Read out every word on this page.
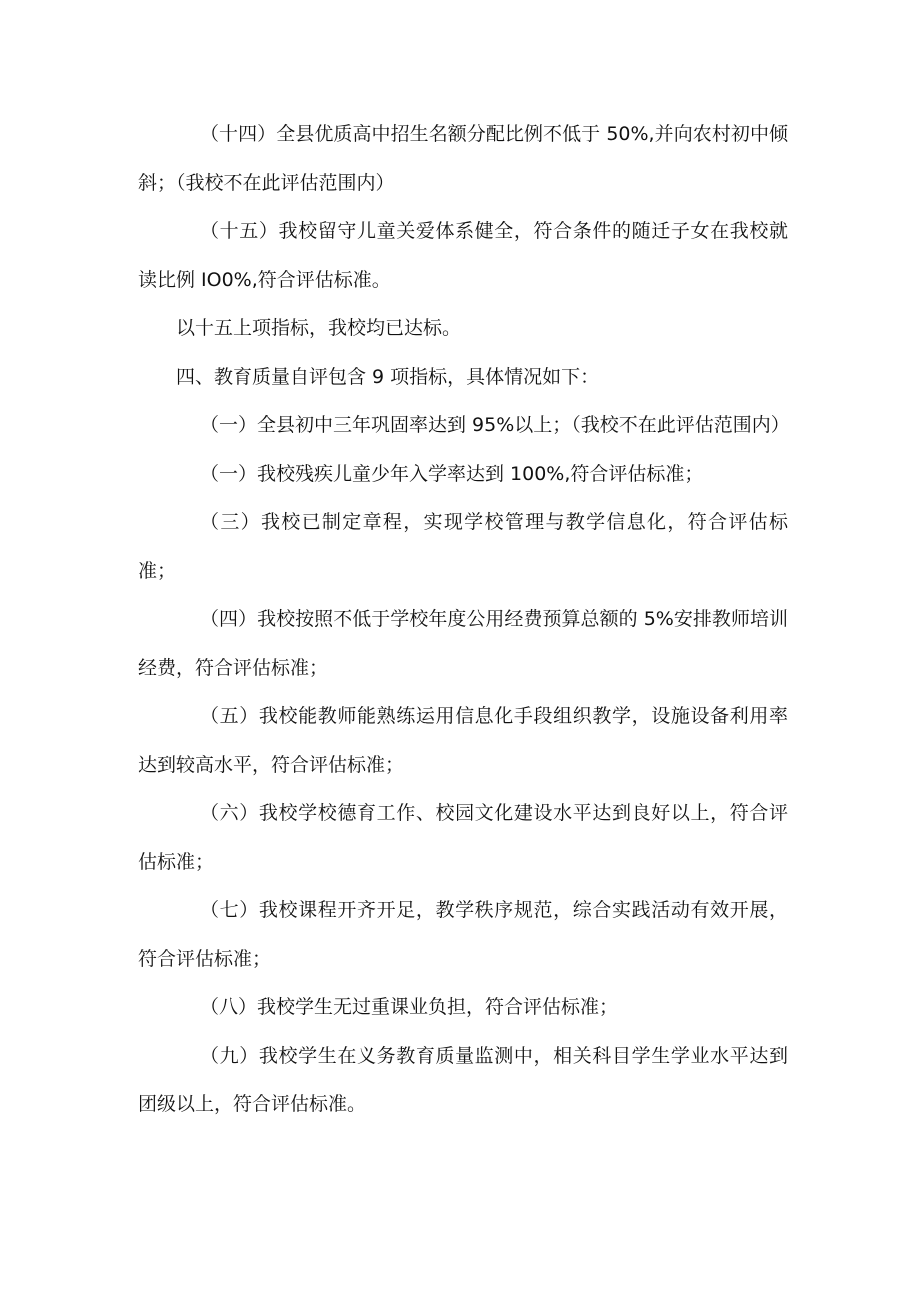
（十四）全县优质高中招生名额分配比例不低于 50%,并向农村初中倾斜；（我校不在此评估范围内）

（十五）我校留守儿童关爱体系健全，符合条件的随迁子女在我校就读比例 IO0%,符合评估标准。

以十五上项指标，我校均已达标。

四、教育质量自评包含 9 项指标，具体情况如下：

（一）全县初中三年巩固率达到 95%以上；（我校不在此评估范围内）

（一）我校残疾儿童少年入学率达到 100%,符合评估标准；

（三）我校已制定章程，实现学校管理与教学信息化，符合评估标准；

（四）我校按照不低于学校年度公用经费预算总额的 5%安排教师培训经费，符合评估标准；

（五）我校能教师能熟练运用信息化手段组织教学，设施设备利用率达到较高水平，符合评估标准；

（六）我校学校德育工作、校园文化建设水平达到良好以上，符合评估标准；

（七）我校课程开齐开足，教学秩序规范，综合实践活动有效开展，符合评估标准；

（八）我校学生无过重课业负担，符合评估标准；

（九）我校学生在义务教育质量监测中，相关科目学生学业水平达到团级以上，符合评估标准。
